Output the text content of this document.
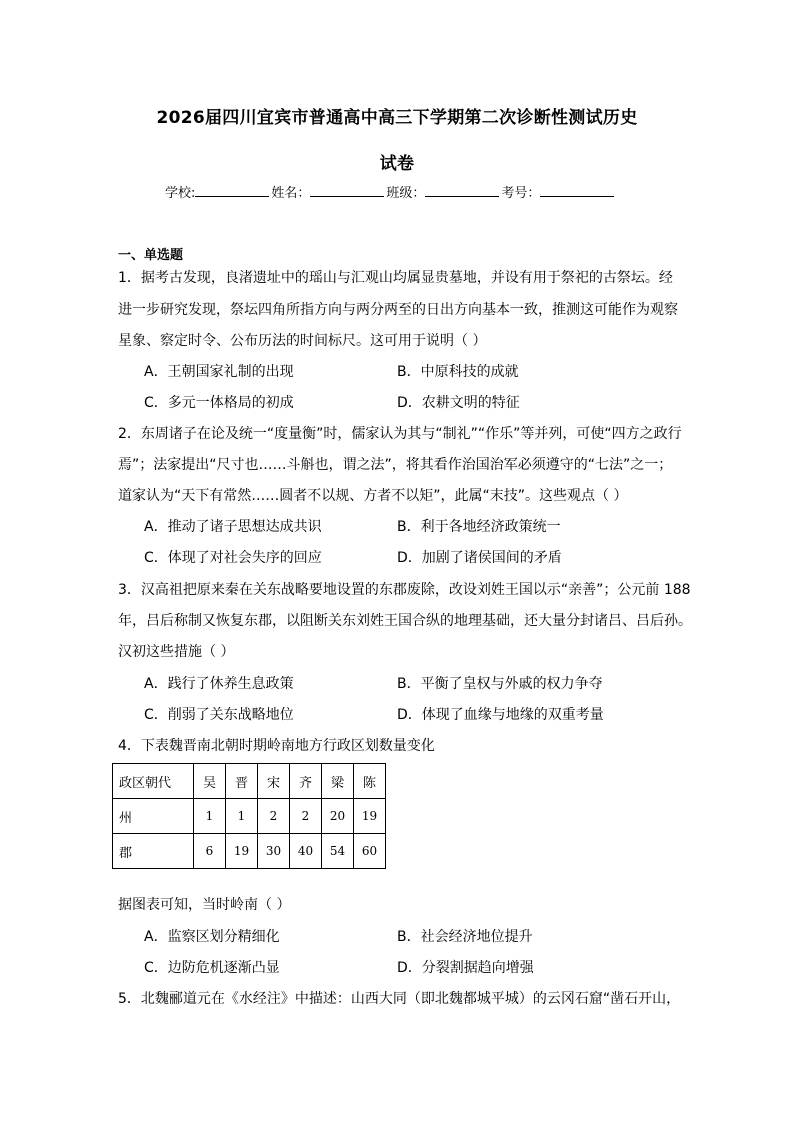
2026届四川宜宾市普通高中高三下学期第二次诊断性测试历史
试卷
学校:	姓名：	班级：	考号：
一、单选题
1．据考古发现，良渚遗址中的瑶山与汇观山均属显贵墓地，并设有用于祭祀的古祭坛。经
进一步研究发现，祭坛四角所指方向与两分两至的日出方向基本一致，推测这可能作为观察
星象、察定时令、公布历法的时间标尺。这可用于说明（ ）
A．王朝国家礼制的出现	B．中原科技的成就
C．多元一体格局的初成	D．农耕文明的特征
2．东周诸子在论及统一“度量衡”时，儒家认为其与“制礼”“作乐”等并列，可使“四方之政行
焉”；法家提出“尺寸也……斗斛也，谓之法”，将其看作治国治军必须遵守的“七法”之一；
道家认为“天下有常然……圆者不以规、方者不以矩”，此属“末技”。这些观点（ ）
A．推动了诸子思想达成共识	B．利于各地经济政策统一
C．体现了对社会失序的回应	D．加剧了诸侯国间的矛盾
3．汉高祖把原来秦在关东战略要地设置的东郡废除，改设刘姓王国以示“亲善”；公元前 188
年，吕后称制又恢复东郡，以阻断关东刘姓王国合纵的地理基础，还大量分封诸吕、吕后孙。
汉初这些措施（ ）
A．践行了休养生息政策	B．平衡了皇权与外戚的权力争夺
C．削弱了关东战略地位	D．体现了血缘与地缘的双重考量
4．下表魏晋南北朝时期岭南地方行政区划数量变化
政区朝代	吴	晋	宋	齐	梁	陈
州	1	1	2	2	20	19
郡	6	19	30	40	54	60
据图表可知，当时岭南（ ）
A．监察区划分精细化	B．社会经济地位提升
C．边防危机逐渐凸显	D．分裂割据趋向增强
5．北魏郦道元在《水经注》中描述：山西大同（即北魏都城平城）的云冈石窟“凿石开山，
